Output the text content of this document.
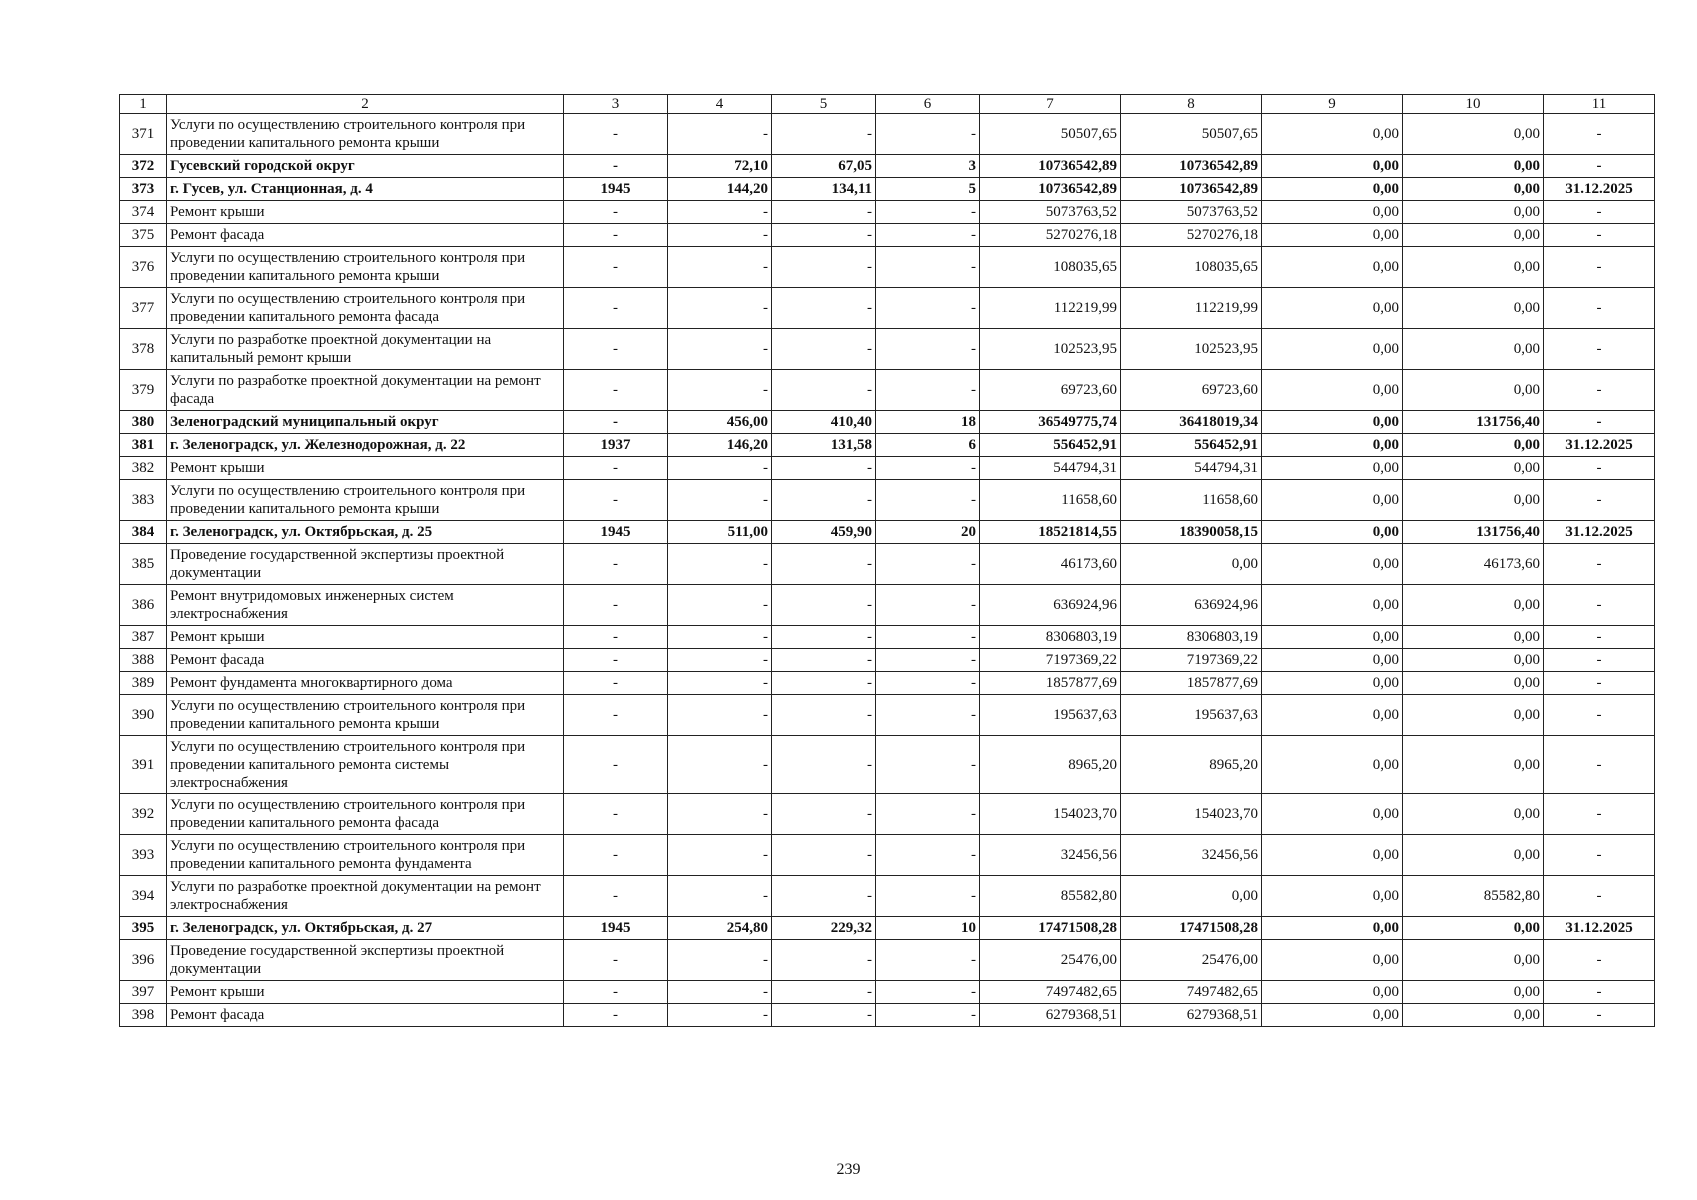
1	2	3	4	5	6	7	8	9	10	11
371	Услуги по осуществлению строительного контроля при проведении капитального ремонта крыши	-	-	-	-	50507,65	50507,65	0,00	0,00	-
372	Гусевский городской округ	-	72,10	67,05	3	10736542,89	10736542,89	0,00	0,00	-
373	г. Гусев, ул. Станционная, д. 4	1945	144,20	134,11	5	10736542,89	10736542,89	0,00	0,00	31.12.2025
374	Ремонт крыши	-	-	-	-	5073763,52	5073763,52	0,00	0,00	-
375	Ремонт фасада	-	-	-	-	5270276,18	5270276,18	0,00	0,00	-
376	Услуги по осуществлению строительного контроля при проведении капитального ремонта крыши	-	-	-	-	108035,65	108035,65	0,00	0,00	-
377	Услуги по осуществлению строительного контроля при проведении капитального ремонта фасада	-	-	-	-	112219,99	112219,99	0,00	0,00	-
378	Услуги по разработке проектной документации на капитальный ремонт крыши	-	-	-	-	102523,95	102523,95	0,00	0,00	-
379	Услуги по разработке проектной документации на ремонт фасада	-	-	-	-	69723,60	69723,60	0,00	0,00	-
380	Зеленоградский муниципальный округ	-	456,00	410,40	18	36549775,74	36418019,34	0,00	131756,40	-
381	г. Зеленоградск, ул. Железнодорожная, д. 22	1937	146,20	131,58	6	556452,91	556452,91	0,00	0,00	31.12.2025
382	Ремонт крыши	-	-	-	-	544794,31	544794,31	0,00	0,00	-
383	Услуги по осуществлению строительного контроля при проведении капитального ремонта крыши	-	-	-	-	11658,60	11658,60	0,00	0,00	-
384	г. Зеленоградск, ул. Октябрьская, д. 25	1945	511,00	459,90	20	18521814,55	18390058,15	0,00	131756,40	31.12.2025
385	Проведение государственной экспертизы проектной документации	-	-	-	-	46173,60	0,00	0,00	46173,60	-
386	Ремонт внутридомовых инженерных систем электроснабжения	-	-	-	-	636924,96	636924,96	0,00	0,00	-
387	Ремонт крыши	-	-	-	-	8306803,19	8306803,19	0,00	0,00	-
388	Ремонт фасада	-	-	-	-	7197369,22	7197369,22	0,00	0,00	-
389	Ремонт фундамента многоквартирного дома	-	-	-	-	1857877,69	1857877,69	0,00	0,00	-
390	Услуги по осуществлению строительного контроля при проведении капитального ремонта крыши	-	-	-	-	195637,63	195637,63	0,00	0,00	-
391	Услуги по осуществлению строительного контроля при проведении капитального ремонта системы электроснабжения	-	-	-	-	8965,20	8965,20	0,00	0,00	-
392	Услуги по осуществлению строительного контроля при проведении капитального ремонта фасада	-	-	-	-	154023,70	154023,70	0,00	0,00	-
393	Услуги по осуществлению строительного контроля при проведении капитального ремонта фундамента	-	-	-	-	32456,56	32456,56	0,00	0,00	-
394	Услуги по разработке проектной документации на ремонт электроснабжения	-	-	-	-	85582,80	0,00	0,00	85582,80	-
395	г. Зеленоградск, ул. Октябрьская, д. 27	1945	254,80	229,32	10	17471508,28	17471508,28	0,00	0,00	31.12.2025
396	Проведение государственной экспертизы проектной документации	-	-	-	-	25476,00	25476,00	0,00	0,00	-
397	Ремонт крыши	-	-	-	-	7497482,65	7497482,65	0,00	0,00	-
398	Ремонт фасада	-	-	-	-	6279368,51	6279368,51	0,00	0,00	-
239
